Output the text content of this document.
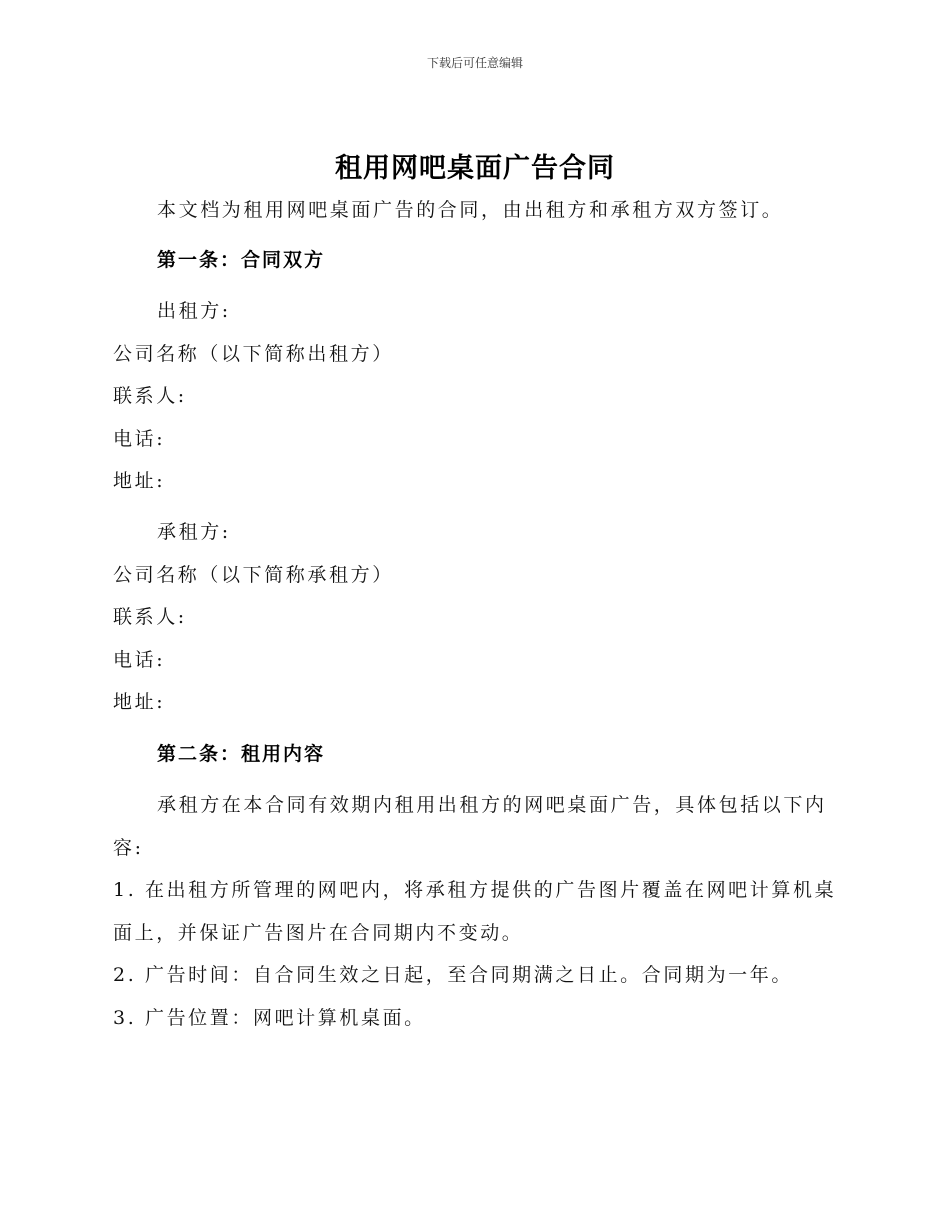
下载后可任意编辑
租用网吧桌面广告合同
本文档为租用网吧桌面广告的合同，由出租方和承租方双方签订。
第一条：合同双方
出租方:
公司名称（以下简称出租方）
联系人:
电话:
地址:
承租方:
公司名称（以下简称承租方）
联系人:
电话:
地址:
第二条：租用内容
承租方在本合同有效期内租用出租方的网吧桌面广告，具体包括以下内
容:
1. 在出租方所管理的网吧内，将承租方提供的广告图片覆盖在网吧计算机桌
面上，并保证广告图片在合同期内不变动。
2. 广告时间：自合同生效之日起，至合同期满之日止。合同期为一年。
3. 广告位置：网吧计算机桌面。
